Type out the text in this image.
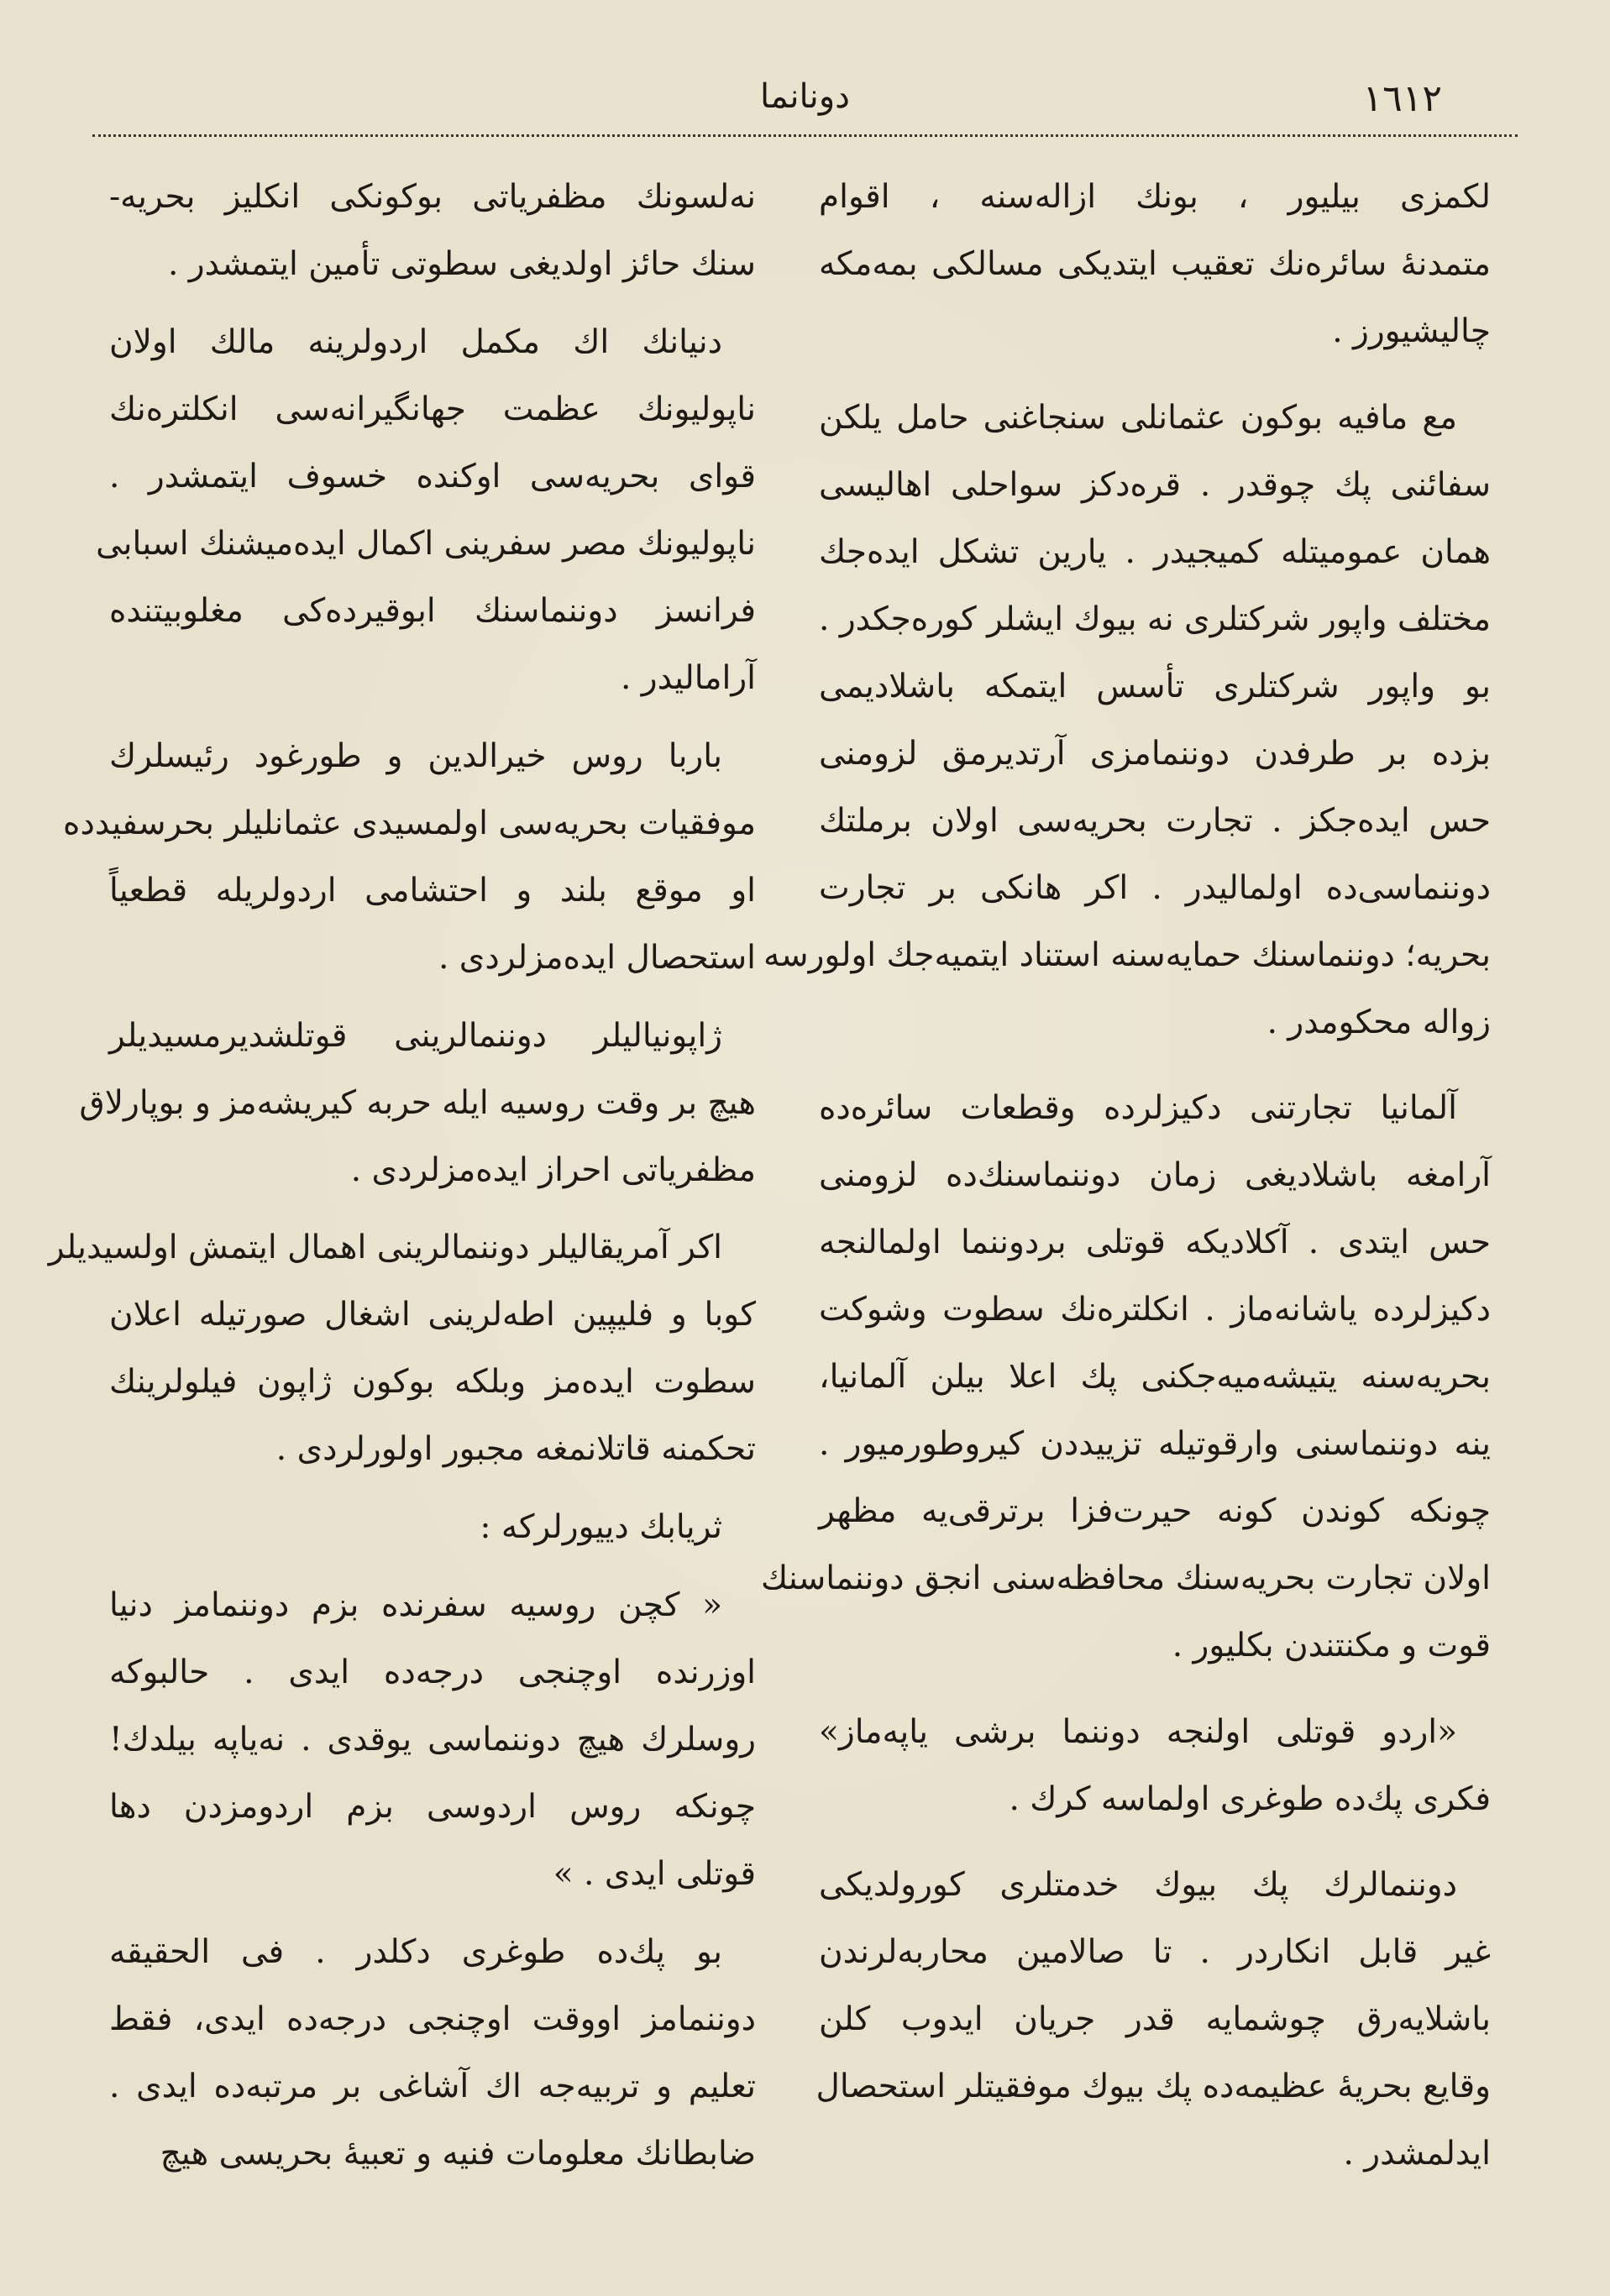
١٦١٢
دونانما
لكمزی بیلیور ، بونك ازاله‌سنه ، اقوام
متمدنهٔ سائره‌نك تعقیب ایتدیكی مسالكی بمه‌مكه
چالیشیورز .
مع مافیه بوكون عثمانلی سنجاغنی حامل یلكن
سفائنی پك چوقدر . قره‌دكز سواحلی اهالیسی
همان عمومیتله كمیجیدر . یارین تشكل ایده‌جك
مختلف واپور شركتلری نه بیوك ایشلر كوره‌جكدر .
بو واپور شركتلری تأسس ایتمكه باشلادیمی
بزده بر طرفدن دوننمامزی آرتدیرمق لزومنی
حس ایده‌جكز . تجارت بحریه‌سی اولان برملتك
دوننماسی‌ده اولمالیدر . اكر هانكی بر تجارت
بحریه؛ دوننماسنك حمایه‌سنه استناد ایتمیه‌جك اولورسه
زواله محكومدر .
آلمانیا تجارتنی دكیزلرده وقطعات سائره‌ده
آرامغه باشلادیغی زمان دوننماسنك‌ده لزومنی
حس ایتدی . آكلادیكه قوتلی بردوننما اولمالنجه
دكیزلرده یاشانه‌ماز . انكلتره‌نك سطوت وشوكت
بحریه‌سنه یتیشه‌میه‌جكنی پك اعلا بیلن آلمانیا،
ینه دوننماسنی وارقوتیله تزییددن كیروطورمیور .
چونكه كوندن كونه حیرت‌فزا برترقی‌یه مظهر
اولان تجارت بحریه‌سنك محافظه‌سنی انجق دوننماسنك
قوت و مكنتندن بكلیور .
«اردو قوتلی اولنجه دوننما برشی یاپه‌ماز»
فكری پك‌ده طوغری اولماسه كرك .
دوننمالرك پك بیوك خدمتلری كورولدیكی
غیر قابل انكاردر . تا صالامین محاربه‌لرندن
باشلایه‌رق چوشمایه قدر جریان ایدوب كلن
وقایع بحریهٔ عظیمه‌ده پك بیوك موفقیتلر استحصال
ایدلمشدر .
نه‌لسونك مظفریاتی بوكونكی انكلیز بحریه‌-
سنك حائز اولدیغی سطوتی تأمین ایتمشدر .
دنیانك اك مكمل اردولرینه مالك اولان
ناپولیونك عظمت جهانگیرانه‌سی انكلتره‌نك
قوای بحریه‌سی اوكنده خسوف ایتمشدر .
ناپولیونك مصر سفرینی اكمال ایده‌میشنك اسبابی
فرانسز دوننماسنك ابوقیرده‌كی مغلوبیتنده
آرامالیدر .
باربا روس خیرالدین و طورغود رئیسلرك
موفقیات بحریه‌سی اولمسیدی عثمانلیلر بحرسفیدده
او موقع بلند و احتشامی اردولریله قطعیاً
استحصال ایده‌مزلردی .
ژاپونیالیلر دوننمالرینی قوتلشدیرمسیدیلر
هیچ بر وقت روسیه ایله حربه كیریشه‌مز و بوپارلاق
مظفریاتی احراز ایده‌مزلردی .
اكر آمریقالیلر دوننمالرینی اهمال ایتمش اولسیدیلر
كوبا و فلیپین اطه‌لرینی اشغال صورتیله اعلان
سطوت ایده‌مز وبلكه بوكون ژاپون فیلولرینك
تحكمنه قاتلانمغه مجبور اولورلردی .
ثریابك دییورلركه :
« كچن روسیه سفرنده بزم دوننمامز دنیا
اوزرنده اوچنجی درجه‌ده ایدی . حالبوكه
روسلرك هیچ دوننماسی یوقدی . نه‌یاپه بیلدك!
چونكه روس اردوسی بزم اردومزدن دها
قوتلی ایدی . »
بو پك‌ده طوغری دكلدر . فی الحقیقه
دوننمامز اووقت اوچنجی درجه‌ده ایدی، فقط
تعلیم و تربیه‌جه اك آشاغی بر مرتبه‌ده ایدی .
ضابطانك معلومات فنیه و تعبیهٔ بحریسی هیچ
